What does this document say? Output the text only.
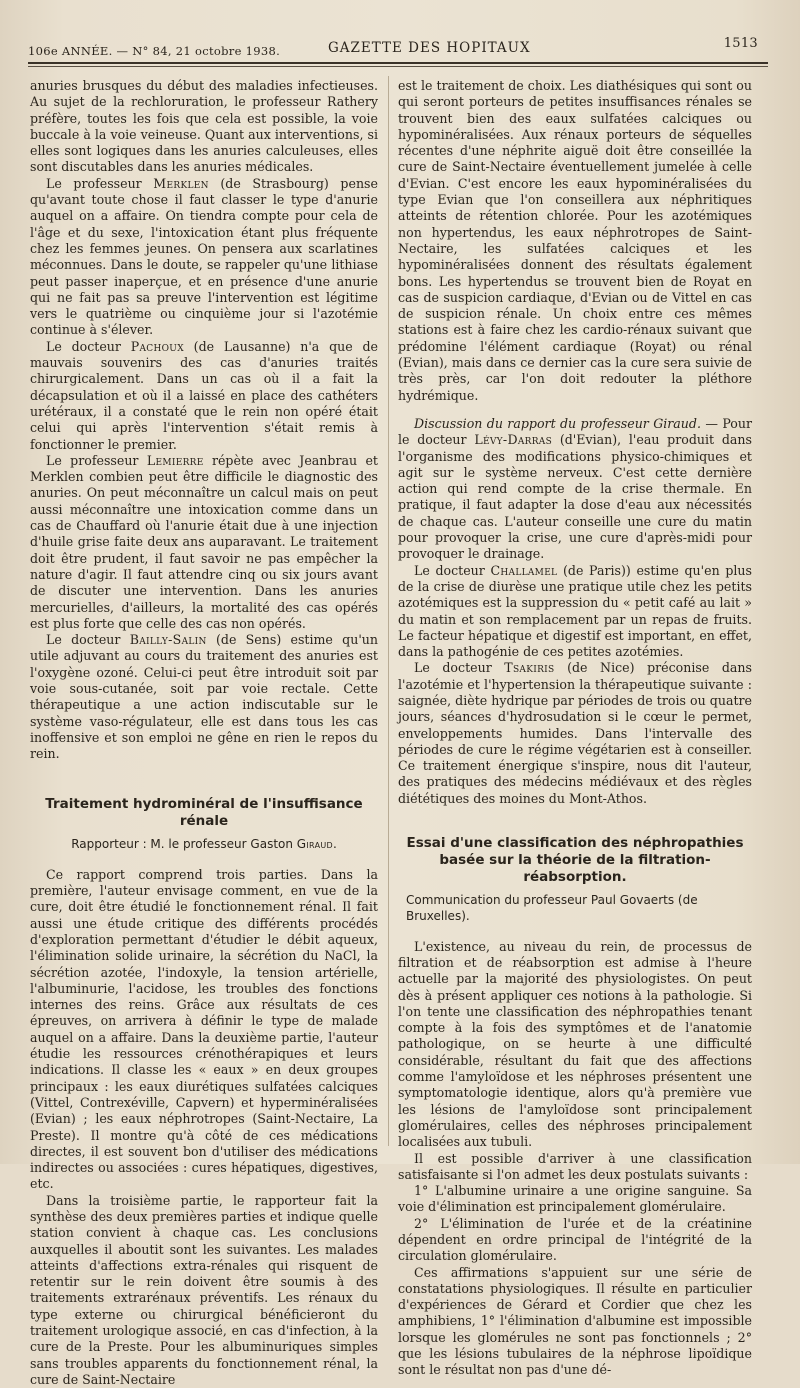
106e ANNÉE. — N° 84, 21 octobre 1938.	GAZETTE DES HOPITAUX	1513

anuries brusques du début des maladies infectieuses. Au sujet de la rechloruration, le professeur Rathery préfère, toutes les fois que cela est possible, la voie buccale à la voie veineuse. Quant aux interventions, si elles sont logiques dans les anuries calculeuses, elles sont discutables dans les anuries médicales.

Le professeur Merklen (de Strasbourg) pense qu'avant toute chose il faut classer le type d'anurie auquel on a affaire. On tiendra compte pour cela de l'âge et du sexe, l'intoxication étant plus fréquente chez les femmes jeunes. On pensera aux scarlatines méconnues. Dans le doute, se rappeler qu'une lithiase peut passer inaperçue, et en présence d'une anurie qui ne fait pas sa preuve l'intervention est légitime vers le quatrième ou cinquième jour si l'azotémie continue à s'élever.

Le docteur Pachoux (de Lausanne) n'a que de mauvais souvenirs des cas d'anuries traités chirurgicalement. Dans un cas où il a fait la décapsulation et où il a laissé en place des cathéters urétéraux, il a constaté que le rein non opéré était celui qui après l'intervention s'était remis à fonctionner le premier.

Le professeur Lemierre répète avec Jeanbrau et Merklen combien peut être difficile le diagnostic des anuries. On peut méconnaître un calcul mais on peut aussi méconnaître une intoxication comme dans un cas de Chauffard où l'anurie était due à une injection d'huile grise faite deux ans auparavant. Le traitement doit être prudent, il faut savoir ne pas empêcher la nature d'agir. Il faut attendre cinq ou six jours avant de discuter une intervention. Dans les anuries mercurielles, d'ailleurs, la mortalité des cas opérés est plus forte que celle des cas non opérés.

Le docteur Bailly-Salin (de Sens) estime qu'un utile adjuvant au cours du traitement des anuries est l'oxygène ozoné. Celui-ci peut être introduit soit par voie sous-cutanée, soit par voie rectale. Cette thérapeutique a une action indiscutable sur le système vaso-régulateur, elle est dans tous les cas inoffensive et son emploi ne gêne en rien le repos du rein.

Traitement hydrominéral de l'insuffisance rénale
Rapporteur : M. le professeur Gaston Giraud.

Ce rapport comprend trois parties. Dans la première, l'auteur envisage comment, en vue de la cure, doit être étudié le fonctionnement rénal. Il fait aussi une étude critique des différents procédés d'exploration permettant d'étudier le débit aqueux, l'élimination solide urinaire, la sécrétion du NaCl, la sécrétion azotée, l'indoxyle, la tension artérielle, l'albuminurie, l'acidose, les troubles des fonctions internes des reins. Grâce aux résultats de ces épreuves, on arrivera à définir le type de malade auquel on a affaire. Dans la deuxième partie, l'auteur étudie les ressources crénothérapiques et leurs indications. Il classe les « eaux » en deux groupes principaux : les eaux diurétiques sulfatées calciques (Vittel, Contrexéville, Capvern) et hyperminéralisées (Evian) ; les eaux néphrotropes (Saint-Nectaire, La Preste). Il montre qu'à côté de ces médications directes, il est souvent bon d'utiliser des médications indirectes ou associées : cures hépatiques, digestives, etc.

Dans la troisième partie, le rapporteur fait la synthèse des deux premières parties et indique quelle station convient à chaque cas. Les conclusions auxquelles il aboutit sont les suivantes. Les malades atteints d'affections extra-rénales qui risquent de retentir sur le rein doivent être soumis à des traitements extrarénaux préventifs. Les rénaux du type externe ou chirurgical bénéficieront du traitement urologique associé, en cas d'infection, à la cure de la Preste. Pour les albuminuriques simples sans troubles apparents du fonctionnement rénal, la cure de Saint-Nectaire

est le traitement de choix. Les diathésiques qui sont ou qui seront porteurs de petites insuffisances rénales se trouvent bien des eaux sulfatées calciques ou hypominéralisées. Aux rénaux porteurs de séquelles récentes d'une néphrite aiguë doit être conseillée la cure de Saint-Nectaire éventuellement jumelée à celle d'Evian. C'est encore les eaux hypominéralisées du type Evian que l'on conseillera aux néphritiques atteints de rétention chlorée. Pour les azotémiques non hypertendus, les eaux néphrotropes de Saint-Nectaire, les sulfatées calciques et les hypominéralisées donnent des résultats également bons. Les hypertendus se trouvent bien de Royat en cas de suspicion cardiaque, d'Evian ou de Vittel en cas de suspicion rénale. Un choix entre ces mêmes stations est à faire chez les cardio-rénaux suivant que prédomine l'élément cardiaque (Royat) ou rénal (Evian), mais dans ce dernier cas la cure sera suivie de très près, car l'on doit redouter la pléthore hydrémique.

Discussion du rapport du professeur Giraud. — Pour le docteur Lévy-Darras (d'Evian), l'eau produit dans l'organisme des modifications physico-chimiques et agit sur le système nerveux. C'est cette dernière action qui rend compte de la crise thermale. En pratique, il faut adapter la dose d'eau aux nécessités de chaque cas. L'auteur conseille une cure du matin pour provoquer la crise, une cure d'après-midi pour provoquer le drainage.

Le docteur Challamel (de Paris)) estime qu'en plus de la crise de diurèse une pratique utile chez les petits azotémiques est la suppression du « petit café au lait » du matin et son remplacement par un repas de fruits. Le facteur hépatique et digestif est important, en effet, dans la pathogénie de ces petites azotémies.

Le docteur Tsakiris (de Nice) préconise dans l'azotémie et l'hypertension la thérapeutique suivante : saignée, diète hydrique par périodes de trois ou quatre jours, séances d'hydrosudation si le cœur le permet, enveloppements humides. Dans l'intervalle des périodes de cure le régime végétarien est à conseiller. Ce traitement énergique s'inspire, nous dit l'auteur, des pratiques des médecins médiévaux et des règles diététiques des moines du Mont-Athos.

Essai d'une classification des néphropathies basée sur la théorie de la filtration-réabsorption.
Communication du professeur Paul Govaerts (de Bruxelles).

L'existence, au niveau du rein, de processus de filtration et de réabsorption est admise à l'heure actuelle par la majorité des physiologistes. On peut dès à présent appliquer ces notions à la pathologie. Si l'on tente une classification des néphropathies tenant compte à la fois des symptômes et de l'anatomie pathologique, on se heurte à une difficulté considérable, résultant du fait que des affections comme l'amyloïdose et les néphroses présentent une symptomatologie identique, alors qu'à première vue les lésions de l'amyloïdose sont principalement glomérulaires, celles des néphroses principalement localisées aux tubuli.

Il est possible d'arriver à une classification satisfaisante si l'on admet les deux postulats suivants :

1° L'albumine urinaire a une origine sanguine. Sa voie d'élimination est principalement glomérulaire.

2° L'élimination de l'urée et de la créatinine dépendent en ordre principal de l'intégrité de la circulation glomérulaire.

Ces affirmations s'appuient sur une série de constatations physiologiques. Il résulte en particulier d'expériences de Gérard et Cordier que chez les amphibiens, 1° l'élimination d'albumine est impossible lorsque les glomérules ne sont pas fonctionnels ; 2° que les lésions tubulaires de la néphrose lipoïdique sont le résultat non pas d'une dé-
